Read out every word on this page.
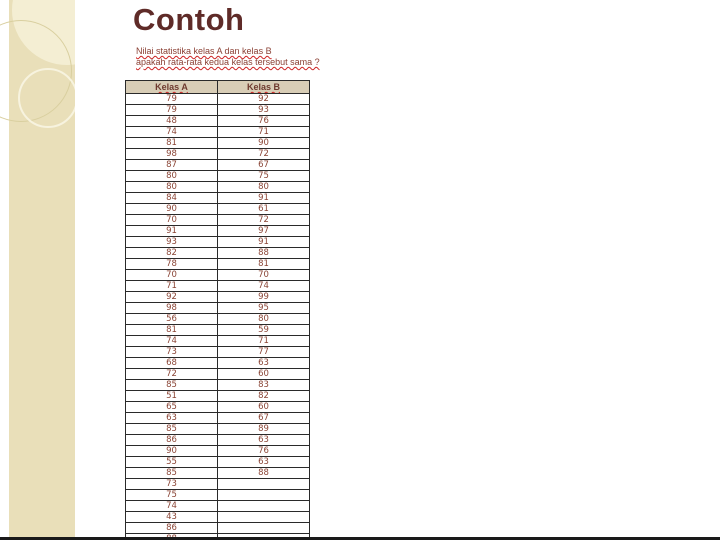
Contoh
Nilai statistika kelas A dan kelas B
apakah rata-rata kedua kelas tersebut sama ?
Kelas A	Kelas B
79	92
79	93
48	76
74	71
81	90
98	72
87	67
80	75
80	80
84	91
90	61
70	72
91	97
93	91
82	88
78	81
70	70
71	74
92	99
98	95
56	80
81	59
74	71
73	77
68	63
72	60
85	83
51	82
65	60
63	67
85	89
86	63
90	76
55	63
85	88
73	
75	
74	
43	
86	
